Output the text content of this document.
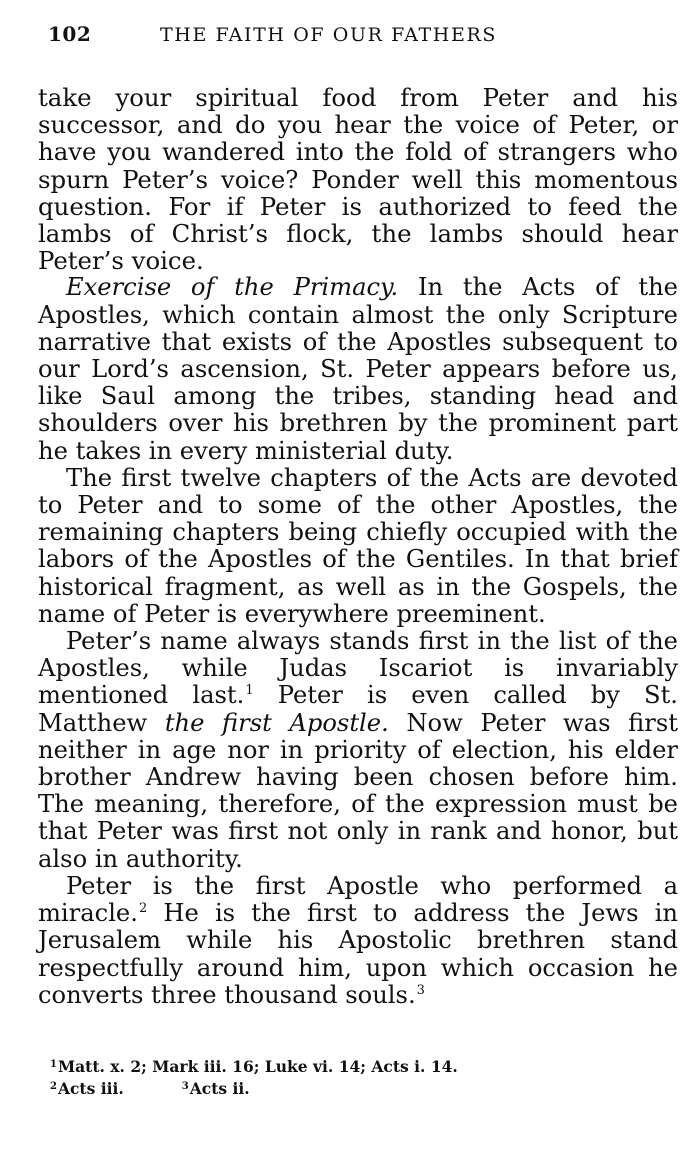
102	THE FAITH OF OUR FATHERS

take your spiritual food from Peter and his successor, and do you hear the voice of Peter, or have you wandered into the fold of strangers who spurn Peter’s voice? Ponder well this momentous question. For if Peter is authorized to feed the lambs of Christ’s flock, the lambs should hear Peter’s voice.

Exercise of the Primacy. In the Acts of the Apostles, which contain almost the only Scripture narrative that exists of the Apostles subsequent to our Lord’s ascension, St. Peter appears before us, like Saul among the tribes, standing head and shoulders over his brethren by the prominent part he takes in every ministerial duty.

The first twelve chapters of the Acts are devoted to Peter and to some of the other Apostles, the remaining chapters being chiefly occupied with the labors of the Apostles of the Gentiles. In that brief historical fragment, as well as in the Gospels, the name of Peter is everywhere preeminent.

Peter’s name always stands first in the list of the Apostles, while Judas Iscariot is invariably mentioned last.$^1$ Peter is even called by St. Matthew the first Apostle. Now Peter was first neither in age nor in priority of election, his elder brother Andrew having been chosen before him. The meaning, therefore, of the expression must be that Peter was first not only in rank and honor, but also in authority.

Peter is the first Apostle who performed a miracle.$^2$ He is the first to address the Jews in Jerusalem while his Apostolic brethren stand respectfully around him, upon which occasion he converts three thousand souls.$^3$

$^1$Matt. x. 2; Mark iii. 16; Luke vi. 14; Acts i. 14.
$^2$Acts iii.	$^3$Acts ii.
